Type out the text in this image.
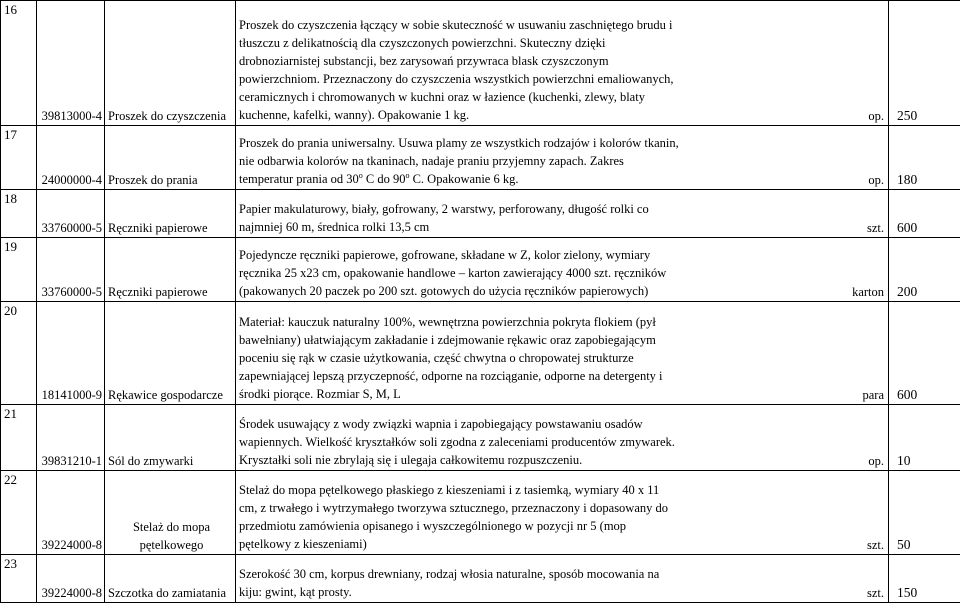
16	39813000-4	Proszek do czyszczenia	Proszek do czyszczenia łączący w sobie skuteczność w usuwaniu zaschniętego brudu i tłuszczu z delikatnością dla czyszczonych powierzchni. Skuteczny dzięki drobnoziarnistej substancji, bez zarysowań przywraca blask czyszczonym powierzchniom. Przeznaczony do czyszczenia wszystkich powierzchni emaliowanych, ceramicznych i chromowanych w kuchni oraz w łazience (kuchenki, zlewy, blaty kuchenne, kafelki, wanny). Opakowanie 1 kg.	op.	250
17	24000000-4	Proszek do prania	Proszek do prania uniwersalny. Usuwa plamy ze wszystkich rodzajów i kolorów tkanin, nie odbarwia kolorów na tkaninach, nadaje praniu przyjemny zapach. Zakres temperatur prania od 30$^o$ C do 90$^o$ C. Opakowanie 6 kg.	op.	180
18	33760000-5	Ręczniki papierowe	Papier makulaturowy, biały, gofrowany, 2 warstwy, perforowany, długość rolki co najmniej 60 m, średnica rolki 13,5 cm	szt.	600
19	33760000-5	Ręczniki papierowe	Pojedyncze ręczniki papierowe, gofrowane, składane w Z, kolor zielony, wymiary ręcznika 25 x23 cm, opakowanie handlowe – karton zawierający 4000 szt. ręczników (pakowanych 20 paczek po 200 szt. gotowych do użycia ręczników papierowych)	karton	200
20	18141000-9	Rękawice gospodarcze	Materiał: kauczuk naturalny 100%, wewnętrzna powierzchnia pokryta flokiem (pył bawełniany) ułatwiającym zakładanie i zdejmowanie rękawic oraz zapobiegającym poceniu się rąk w czasie użytkowania, część chwytna o chropowatej strukturze zapewniającej lepszą przyczepność, odporne na rozciąganie, odporne na detergenty i środki piorące. Rozmiar S, M, L	para	600
21	39831210-1	Sól do zmywarki	Środek usuwający z wody związki wapnia i zapobiegający powstawaniu osadów wapiennych. Wielkość kryształków soli zgodna z zaleceniami producentów zmywarek. Kryształki soli nie zbrylają się i ulegaja całkowitemu rozpuszczeniu.	op.	10
22	39224000-8	Stelaż do mopa pętelkowego	Stelaż do mopa pętelkowego płaskiego z kieszeniami i z tasiemką, wymiary 40 x 11 cm, z trwałego i wytrzymałego tworzywa sztucznego, przeznaczony i dopasowany do przedmiotu zamówienia opisanego i wyszczególnionego w pozycji nr 5 (mop pętelkowy z kieszeniami)	szt.	50
23	39224000-8	Szczotka do zamiatania	Szerokość 30 cm, korpus drewniany, rodzaj włosia naturalne, sposób mocowania na kiju: gwint, kąt prosty.	szt.	150
